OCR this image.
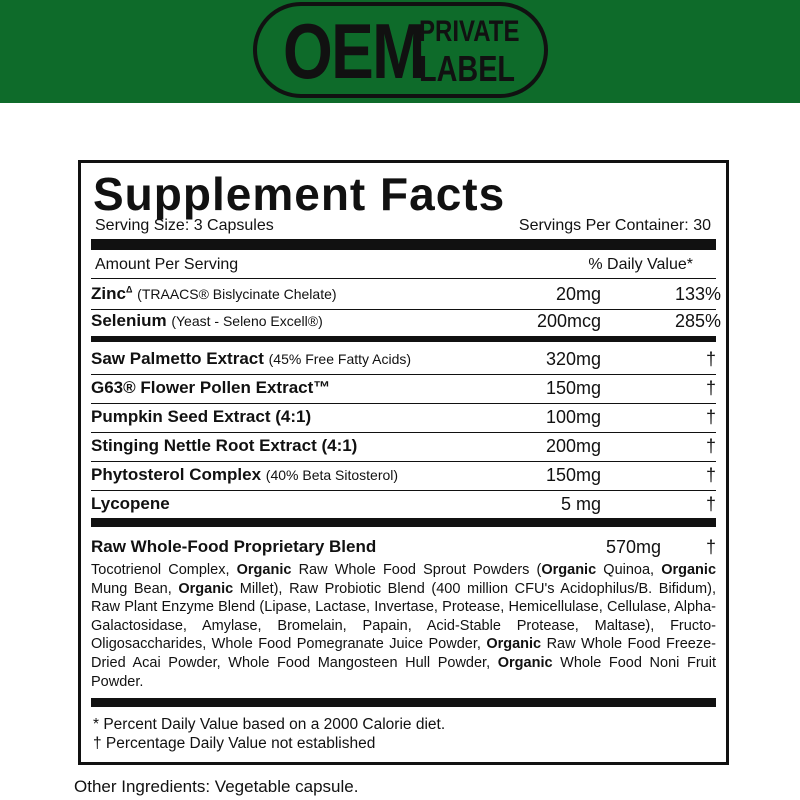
OEM
PRIVATE
LABEL
Supplement Facts
Serving Size: 3 Capsules	Servings Per Container: 30
Amount Per Serving	% Daily Value*
Zinc$^\Delta$ (TRAACS® Bislycinate Chelate)	20mg	133%
Selenium (Yeast - Seleno Excell®)	200mcg	285%
Saw Palmetto Extract (45% Free Fatty Acids)	320mg	†
G63® Flower Pollen Extract™	150mg	†
Pumpkin Seed Extract (4:1)	100mg	†
Stinging Nettle Root Extract (4:1)	200mg	†
Phytosterol Complex (40% Beta Sitosterol)	150mg	†
Lycopene	5 mg	†
Raw Whole-Food Proprietary Blend	570mg	†
Tocotrienol Complex, Organic Raw Whole Food Sprout Powders (Organic Quinoa, Organic Mung Bean, Organic Millet), Raw Probiotic Blend (400 million CFU's Acidophilus/B. Bifidum), Raw Plant Enzyme Blend (Lipase, Lactase, Invertase, Protease, Hemicellulase, Cellulase, Alpha- Galactosidase, Amylase, Bromelain, Papain, Acid-Stable Protease, Maltase), Fructo-Oligosaccharides, Whole Food Pomegranate Juice Powder, Organic Raw Whole Food Freeze-Dried Acai Powder, Whole Food Mangosteen Hull Powder, Organic Whole Food Noni Fruit Powder.
* Percent Daily Value based on a 2000 Calorie diet.
† Percentage Daily Value not established
Other Ingredients: Vegetable capsule.
